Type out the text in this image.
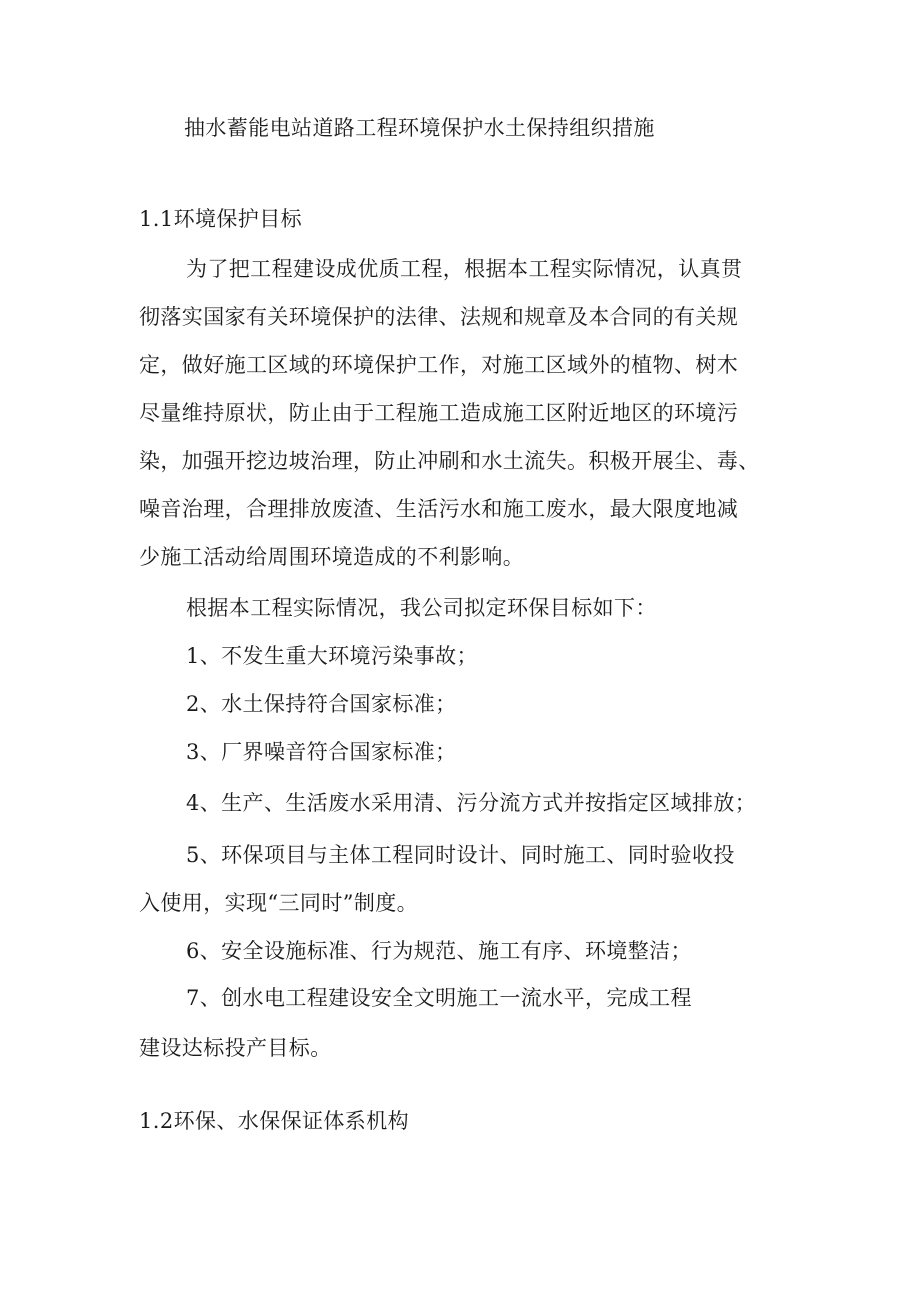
抽水蓄能电站道路工程环境保护水土保持组织措施
1.1环境保护目标
为了把工程建设成优质工程，根据本工程实际情况，认真贯
彻落实国家有关环境保护的法律、法规和规章及本合同的有关规
定，做好施工区域的环境保护工作，对施工区域外的植物、树木
尽量维持原状，防止由于工程施工造成施工区附近地区的环境污
染，加强开挖边坡治理，防止冲刷和水土流失。积极开展尘、毒、
噪音治理，合理排放废渣、生活污水和施工废水，最大限度地减
少施工活动给周围环境造成的不利影响。
根据本工程实际情况，我公司拟定环保目标如下：
1、不发生重大环境污染事故；
2、水土保持符合国家标准；
3、厂界噪音符合国家标准；
4、生产、生活废水采用清、污分流方式并按指定区域排放；
5、环保项目与主体工程同时设计、同时施工、同时验收投
入使用，实现“三同时”制度。
6、安全设施标准、行为规范、施工有序、环境整洁；
7、创水电工程建设安全文明施工一流水平，完成工程
建设达标投产目标。
1.2环保、水保保证体系机构
